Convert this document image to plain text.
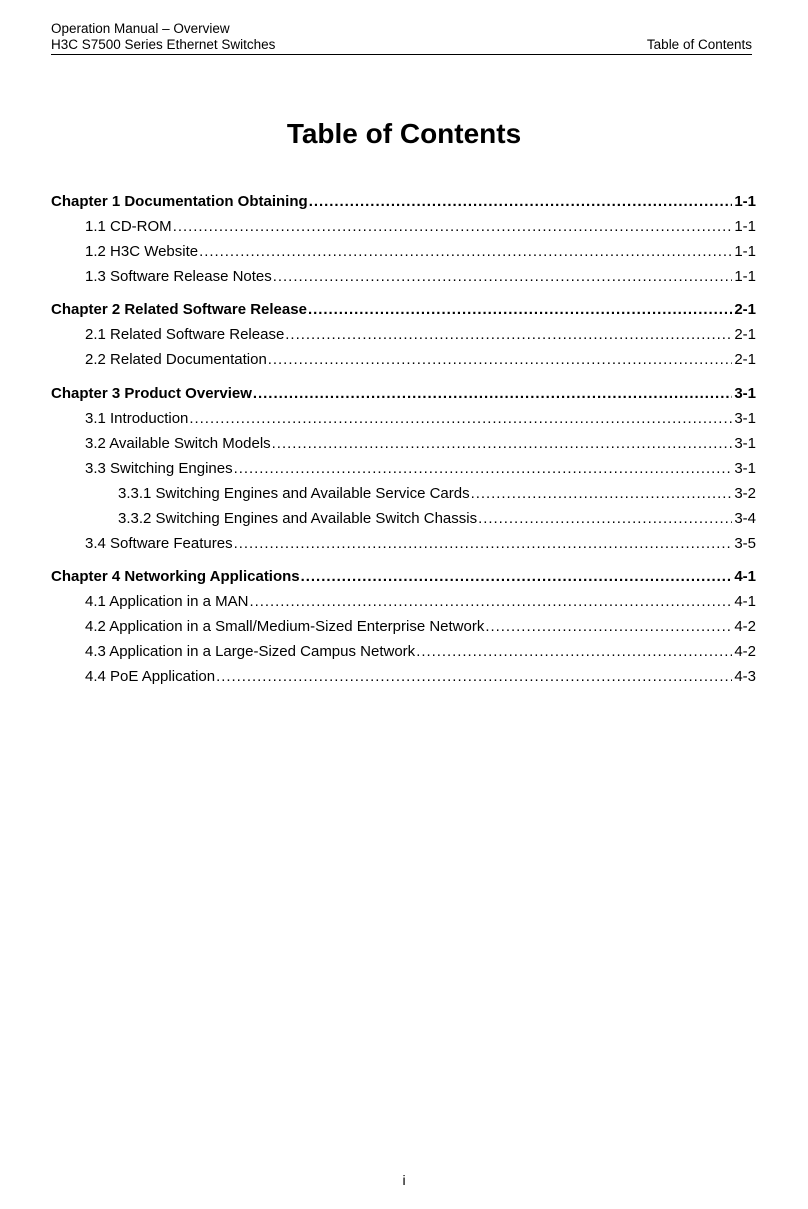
Operation Manual – Overview
H3C S7500 Series Ethernet Switches	Table of Contents
Table of Contents
Chapter 1 Documentation Obtaining . . .	1-1
1.1 CD-ROM . . .	1-1
1.2 H3C Website . . .	1-1
1.3 Software Release Notes . . .	1-1
Chapter 2 Related Software Release . . .	2-1
2.1 Related Software Release . . .	2-1
2.2 Related Documentation . . .	2-1
Chapter 3 Product Overview . . .	3-1
3.1 Introduction . . .	3-1
3.2 Available Switch Models . . .	3-1
3.3 Switching Engines . . .	3-1
3.3.1 Switching Engines and Available Service Cards . . .	3-2
3.3.2 Switching Engines and Available Switch Chassis . . .	3-4
3.4 Software Features . . .	3-5
Chapter 4 Networking Applications . . .	4-1
4.1 Application in a MAN . . .	4-1
4.2 Application in a Small/Medium-Sized Enterprise Network . . .	4-2
4.3 Application in a Large-Sized Campus Network . . .	4-2
4.4 PoE Application . . .	4-3
i
